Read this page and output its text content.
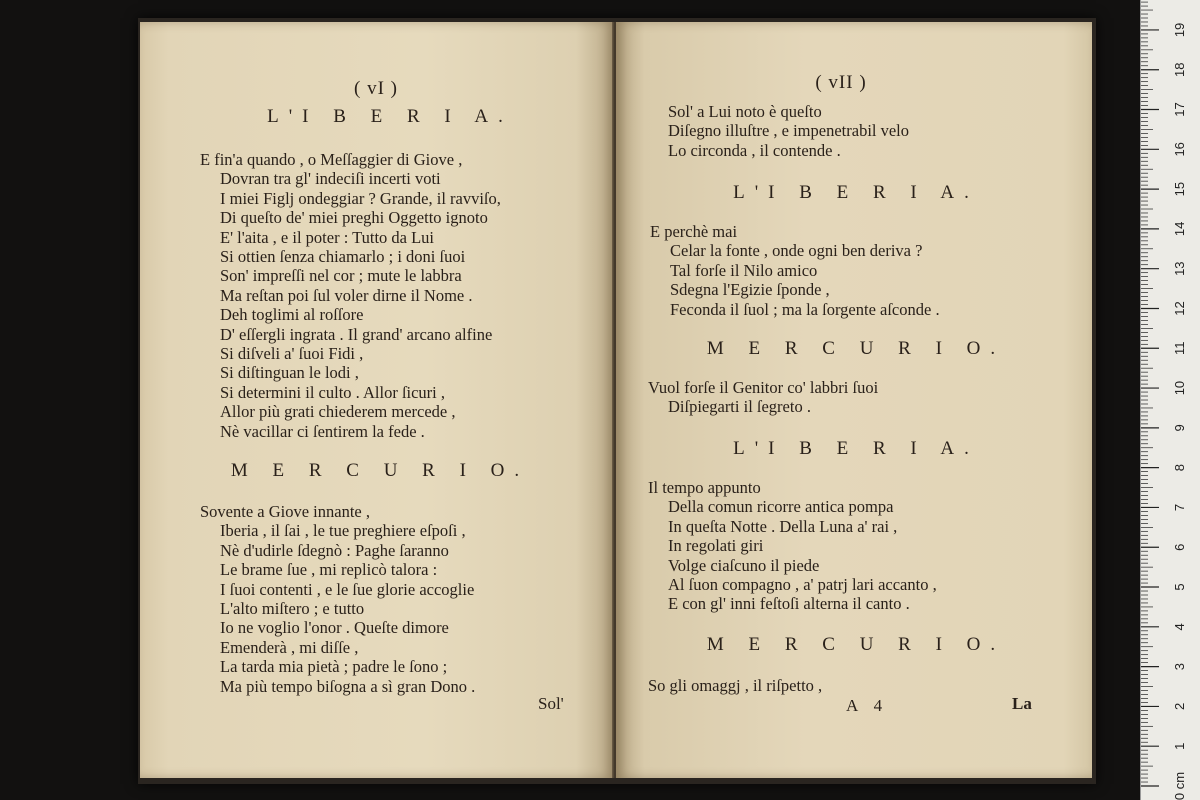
( vI )
L'I B E R I A.
E fin'a quando , o Meſſaggier di Giove ,
Dovran tra gl' indeciſi incerti voti
I miei Figlj ondeggiar ? Grande, il ravviſo,
Di queſto de' miei preghi Oggetto ignoto
E' l'aita , e il poter : Tutto da Lui
Si ottien ſenza chiamarlo ; i doni ſuoi
Son' impreſſi nel cor ; mute le labbra
Ma reſtan poi ſul voler dirne il Nome .
Deh toglimi al roſſore
D' eſſergli ingrata . Il grand' arcano alfine
Si diſveli a' ſuoi Fidi ,
Si diſtinguan le lodi ,
Si determini il culto . Allor ſicuri ,
Allor più grati chiederem mercede ,
Nè vacillar ci ſentirem la fede .
M E R C U R I O.
Sovente a Giove innante ,
Iberia , il ſai , le tue preghiere eſpoſi ,
Nè d'udirle ſdegnò : Paghe ſaranno
Le brame ſue , mi replicò talora :
I ſuoi contenti , e le ſue glorie accoglie
L'alto miſtero ; e tutto
Io ne voglio l'onor . Queſte dimore
Emenderà , mi diſſe ,
La tarda mia pietà ; padre le ſono ;
Ma più tempo biſogna a sì gran Dono .
Sol'
( vII )
Sol' a Lui noto è queſto
Diſegno illuſtre , e impenetrabil velo
Lo circonda , il contende .
L'I B E R I A.
E perchè mai
Celar la fonte , onde ogni ben deriva ?
Tal forſe il Nilo amico
Sdegna l'Egizie ſponde ,
Feconda il ſuol ; ma la ſorgente aſconde .
M E R C U R I O.
Vuol forſe il Genitor co' labbri ſuoi
Diſpiegarti il ſegreto .
L'I B E R I A.
Il tempo appunto
Della comun ricorre antica pompa
In queſta Notte . Della Luna a' rai ,
In regolati giri
Volge ciaſcuno il piede
Al ſuon compagno , a' patrj lari accanto ,
E con gl' inni feſtoſi alterna il canto .
M E R C U R I O.
So gli omaggj , il riſpetto ,
A 4	La
0 cm
1
2
3
4
5
6
7
8
9
10
11
12
13
14
15
16
17
18
19
